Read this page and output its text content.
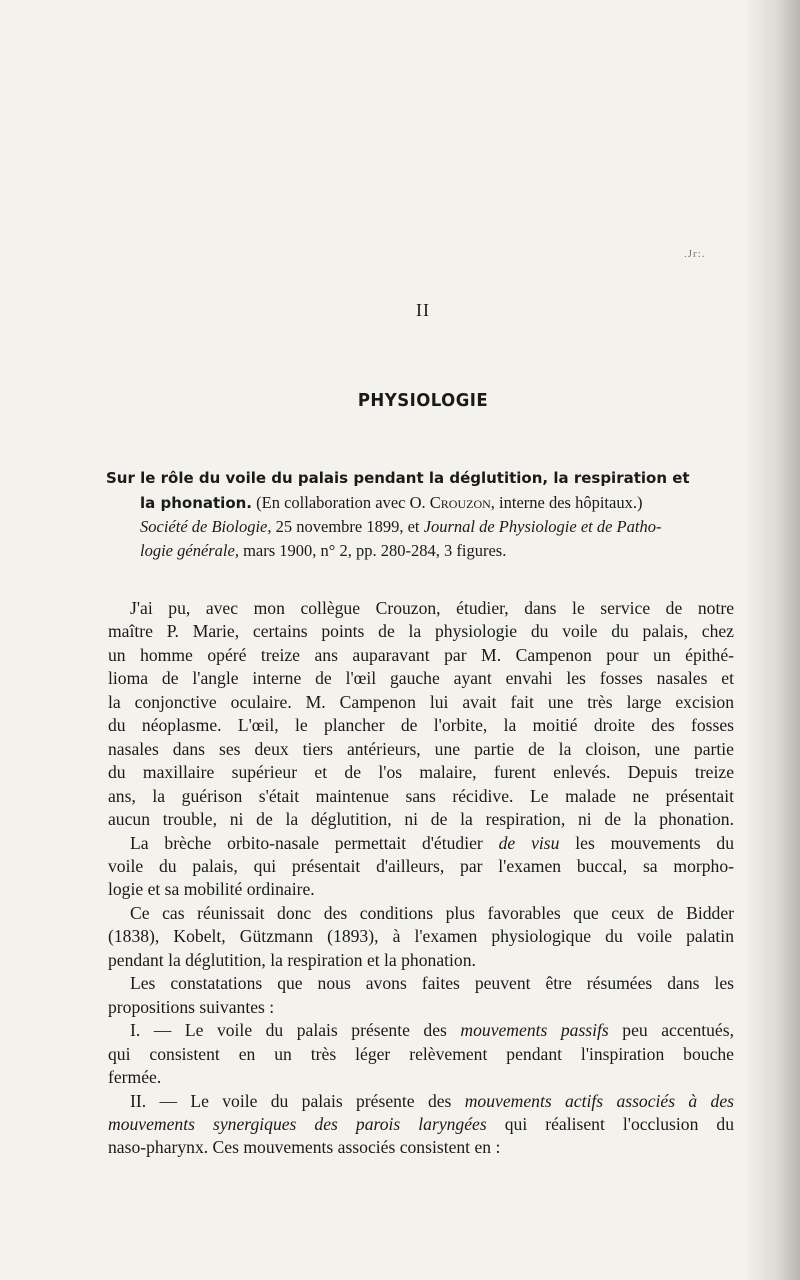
.Jr:.
II
PHYSIOLOGIE
Sur le rôle du voile du palais pendant la déglutition, la respiration et
la phonation. (En collaboration avec O. Crouzon, interne des hôpitaux.)
Société de Biologie, 25 novembre 1899, et Journal de Physiologie et de Patho-
logie générale, mars 1900, n° 2, pp. 280-284, 3 figures.
J'ai pu, avec mon collègue Crouzon, étudier, dans le service de notre
maître P. Marie, certains points de la physiologie du voile du palais, chez
un homme opéré treize ans auparavant par M. Campenon pour un épithé-
lioma de l'angle interne de l'œil gauche ayant envahi les fosses nasales et
la conjonctive oculaire. M. Campenon lui avait fait une très large excision
du néoplasme. L'œil, le plancher de l'orbite, la moitié droite des fosses
nasales dans ses deux tiers antérieurs, une partie de la cloison, une partie
du maxillaire supérieur et de l'os malaire, furent enlevés. Depuis treize
ans, la guérison s'était maintenue sans récidive. Le malade ne présentait
aucun trouble, ni de la déglutition, ni de la respiration, ni de la phonation.
La brèche orbito-nasale permettait d'étudier de visu les mouvements du
voile du palais, qui présentait d'ailleurs, par l'examen buccal, sa morpho-
logie et sa mobilité ordinaire.
Ce cas réunissait donc des conditions plus favorables que ceux de Bidder
(1838), Kobelt, Gützmann (1893), à l'examen physiologique du voile palatin
pendant la déglutition, la respiration et la phonation.
Les constatations que nous avons faites peuvent être résumées dans les
propositions suivantes :
I. — Le voile du palais présente des mouvements passifs peu accentués,
qui consistent en un très léger relèvement pendant l'inspiration bouche
fermée.
II. — Le voile du palais présente des mouvements actifs associés à des
mouvements synergiques des parois laryngées qui réalisent l'occlusion du
naso-pharynx. Ces mouvements associés consistent en :
